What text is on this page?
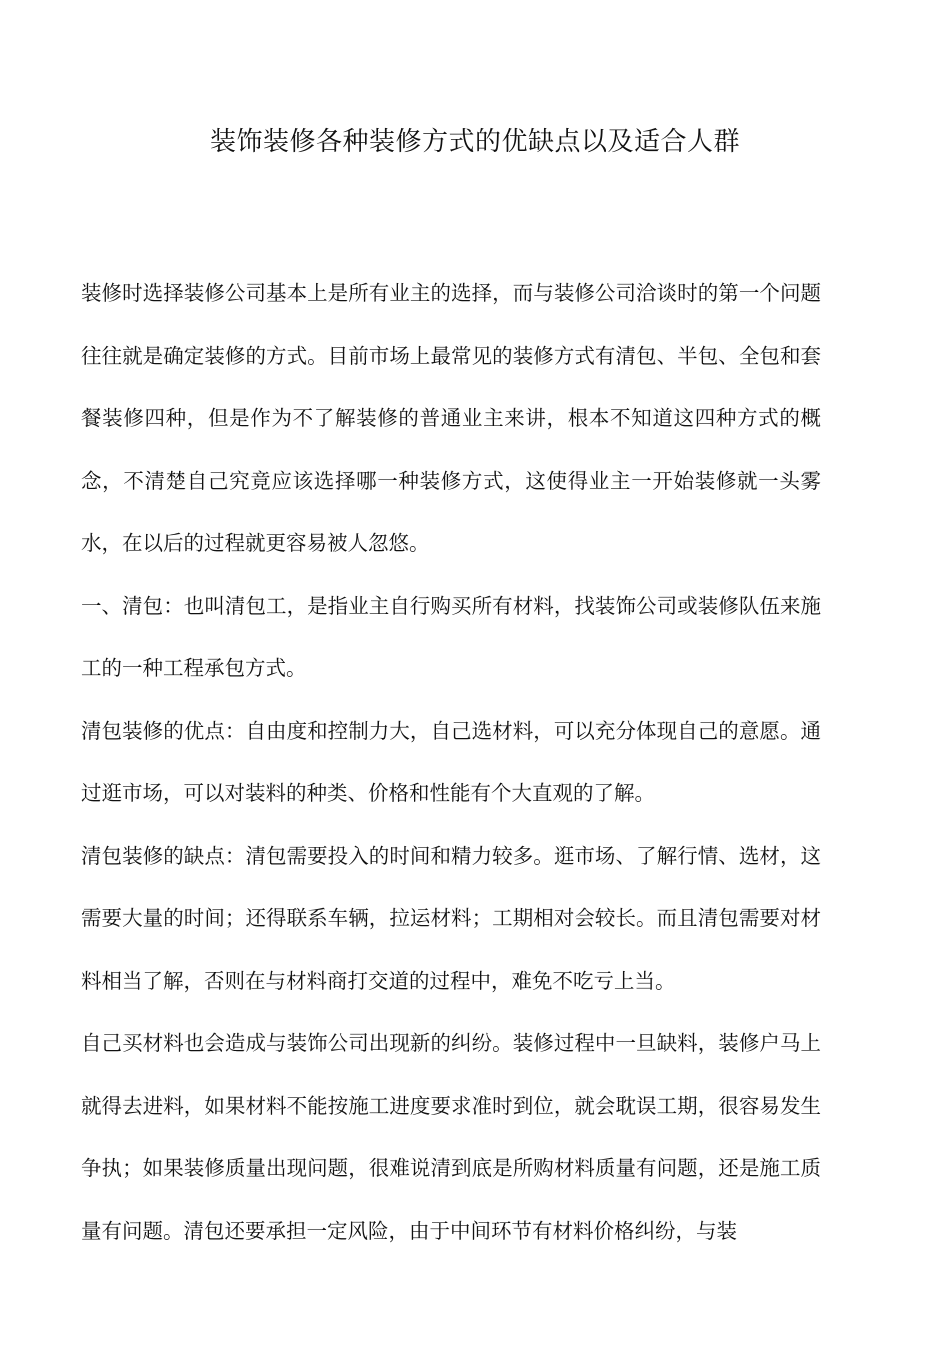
装饰装修各种装修方式的优缺点以及适合人群

装修时选择装修公司基本上是所有业主的选择，而与装修公司洽谈时的第一个问题往往就是确定装修的方式。目前市场上最常见的装修方式有清包、半包、全包和套餐装修四种，但是作为不了解装修的普通业主来讲，根本不知道这四种方式的概念，不清楚自己究竟应该选择哪一种装修方式，这使得业主一开始装修就一头雾水，在以后的过程就更容易被人忽悠。

一、清包：也叫清包工，是指业主自行购买所有材料，找装饰公司或装修队伍来施工的一种工程承包方式。

清包装修的优点：自由度和控制力大，自己选材料，可以充分体现自己的意愿。通过逛市场，可以对装料的种类、价格和性能有个大直观的了解。

清包装修的缺点：清包需要投入的时间和精力较多。逛市场、了解行情、选材，这需要大量的时间；还得联系车辆，拉运材料；工期相对会较长。而且清包需要对材料相当了解，否则在与材料商打交道的过程中，难免不吃亏上当。

自己买材料也会造成与装饰公司出现新的纠纷。装修过程中一旦缺料，装修户马上就得去进料，如果材料不能按施工进度要求准时到位，就会耽误工期，很容易发生争执；如果装修质量出现问题，很难说清到底是所购材料质量有问题，还是施工质量有问题。清包还要承担一定风险，由于中间环节有材料价格纠纷，与装
